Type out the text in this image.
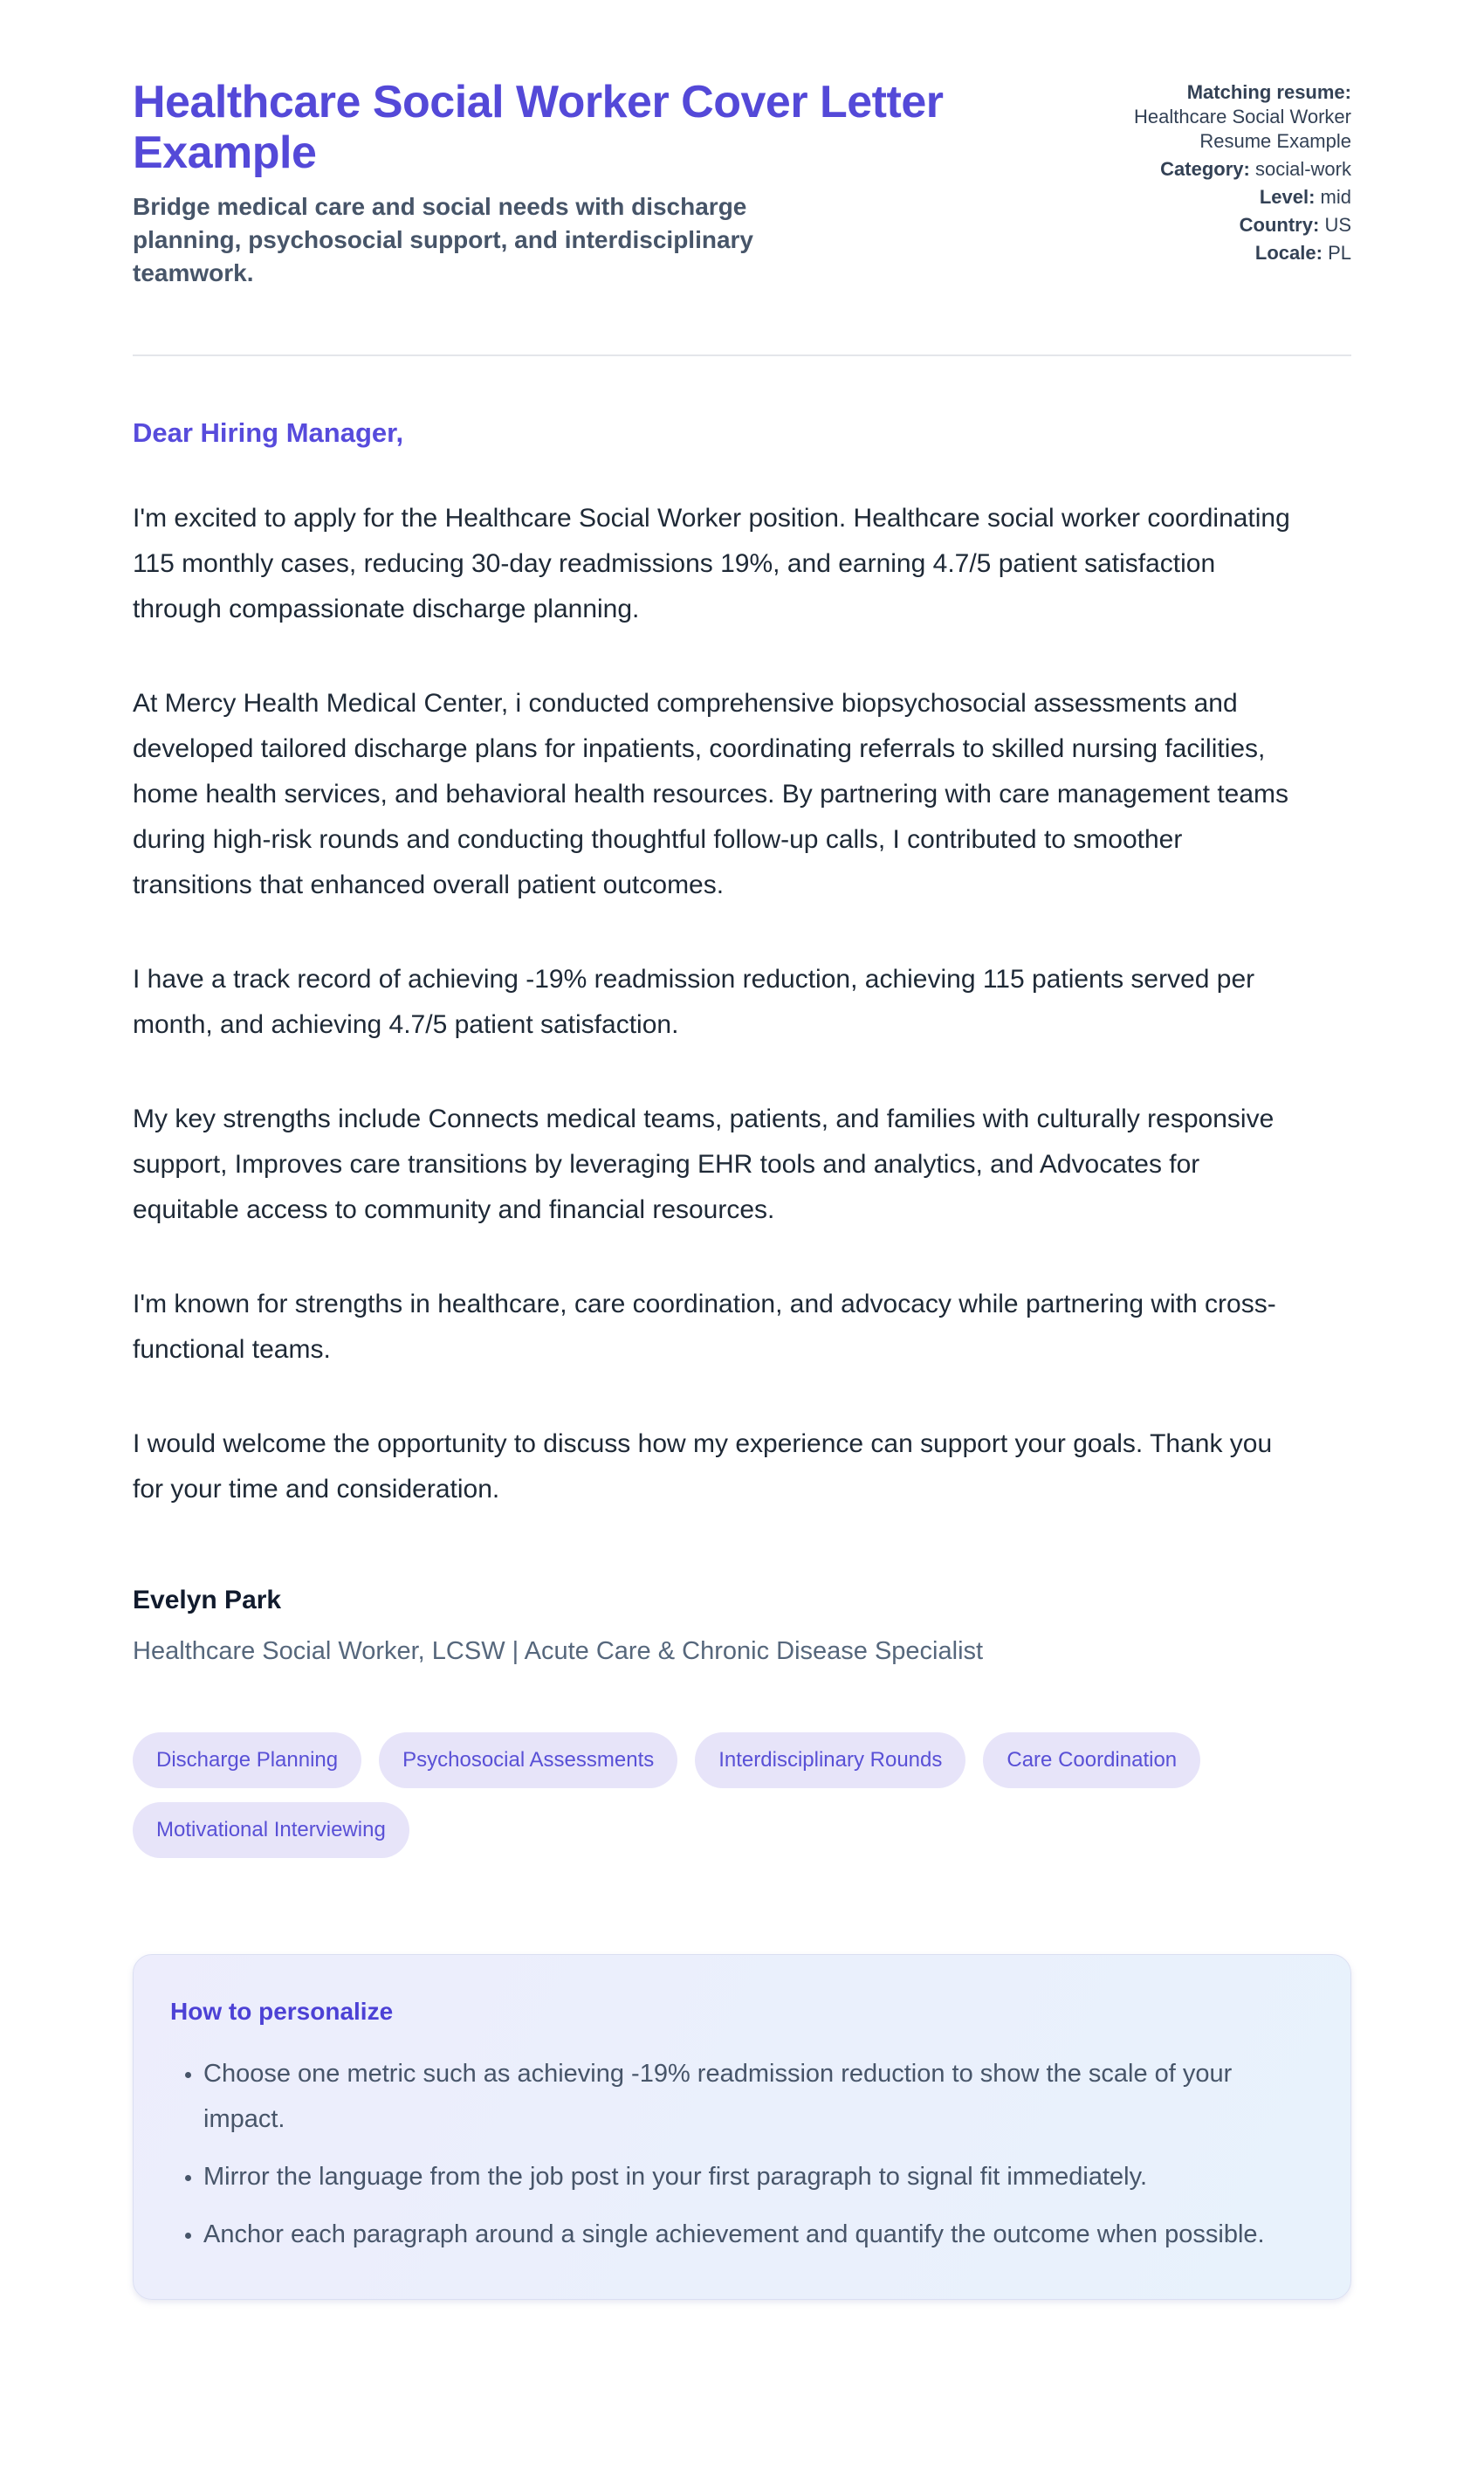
Healthcare Social Worker Cover Letter Example

Bridge medical care and social needs with discharge planning, psychosocial support, and interdisciplinary teamwork.

Matching resume:
Healthcare Social Worker Resume Example
Category: social-work
Level: mid
Country: US
Locale: PL

Dear Hiring Manager,

I'm excited to apply for the Healthcare Social Worker position. Healthcare social worker coordinating 115 monthly cases, reducing 30-day readmissions 19%, and earning 4.7/5 patient satisfaction through compassionate discharge planning.

At Mercy Health Medical Center, i conducted comprehensive biopsychosocial assessments and developed tailored discharge plans for inpatients, coordinating referrals to skilled nursing facilities, home health services, and behavioral health resources. By partnering with care management teams during high-risk rounds and conducting thoughtful follow-up calls, I contributed to smoother transitions that enhanced overall patient outcomes.

I have a track record of achieving -19% readmission reduction, achieving 115 patients served per month, and achieving 4.7/5 patient satisfaction.

My key strengths include Connects medical teams, patients, and families with culturally responsive support, Improves care transitions by leveraging EHR tools and analytics, and Advocates for equitable access to community and financial resources.

I'm known for strengths in healthcare, care coordination, and advocacy while partnering with cross-functional teams.

I would welcome the opportunity to discuss how my experience can support your goals. Thank you for your time and consideration.

Evelyn Park

Healthcare Social Worker, LCSW | Acute Care & Chronic Disease Specialist

Discharge Planning	Psychosocial Assessments	Interdisciplinary Rounds	Care Coordination
Motivational Interviewing
How to personalize
• Choose one metric such as achieving -19% readmission reduction to show the scale of your impact.
• Mirror the language from the job post in your first paragraph to signal fit immediately.
• Anchor each paragraph around a single achievement and quantify the outcome when possible.
